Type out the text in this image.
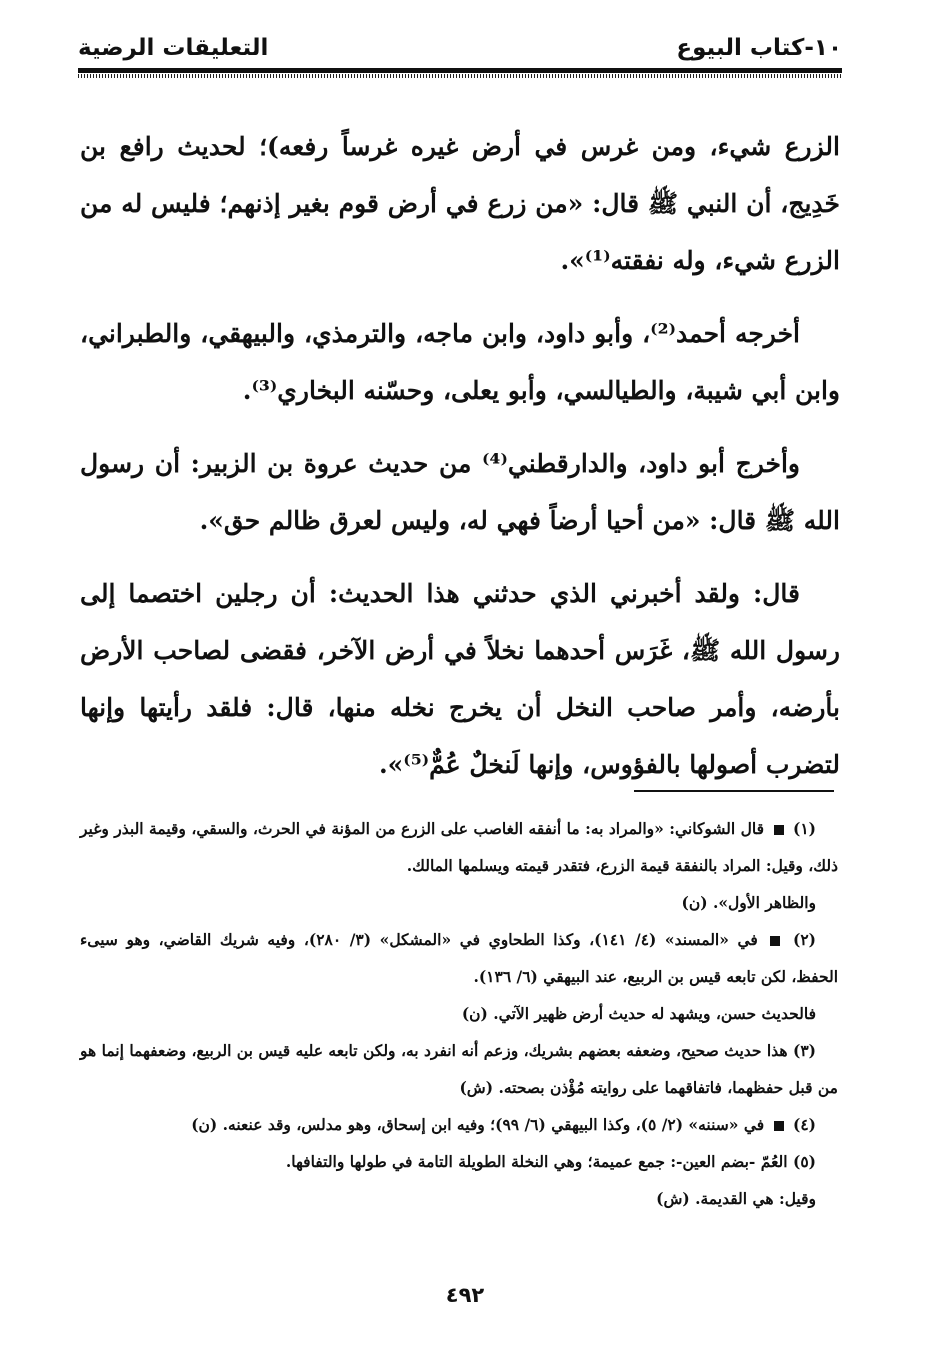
١٠-كتاب البيوع
التعليقات الرضية

الزرع شيء، ومن غرس في أرض غيره غرساً رفعه)؛ لحديث رافع بن خَدِيج، أن النبي ﷺ قال: «من زرع في أرض قوم بغير إذنهم؛ فليس له من الزرع شيء، وله نفقته⁽¹⁾».

أخرجه أحمد⁽²⁾، وأبو داود، وابن ماجه، والترمذي، والبيهقي، والطبراني، وابن أبي شيبة، والطيالسي، وأبو يعلى، وحسّنه البخاري⁽³⁾.

وأخرج أبو داود، والدارقطني⁽⁴⁾ من حديث عروة بن الزبير: أن رسول الله ﷺ قال: «من أحيا أرضاً فهي له، وليس لعرق ظالم حق».

قال: ولقد أخبرني الذي حدثني هذا الحديث: أن رجلين اختصما إلى رسول الله ﷺ، غَرَس أحدهما نخلاً في أرض الآخر، فقضى لصاحب الأرض بأرضه، وأمر صاحب النخل أن يخرج نخله منها، قال: فلقد رأيتها وإنها لتضرب أصولها بالفؤوس، وإنها لَنخلٌ عُمٌّ⁽⁵⁾».

(١)  قال الشوكاني: «والمراد به: ما أنفقه الغاصب على الزرع من المؤنة في الحرث، والسقي، وقيمة البذر وغير ذلك، وقيل: المراد بالنفقة قيمة الزرع، فتقدر قيمته ويسلمها المالك.

والظاهر الأول». (ن)

(٢)  في «المسند» (٤/ ١٤١)، وكذا الطحاوي في «المشكل» (٣/ ٢٨٠)، وفيه شريك القاضي، وهو سيىء الحفظ، لكن تابعه قيس بن الربيع، عند البيهقي (٦/ ١٣٦).

فالحديث حسن، ويشهد له حديث أرض ظهير الآتي. (ن)

(٣) هذا حديث صحيح، وضعفه بعضهم بشريك، وزعم أنه انفرد به، ولكن تابعه عليه قيس بن الربيع، وضعفهما إنما هو من قبل حفظهما، فاتفاقهما على روايته مُؤْذن بصحته. (ش)

(٤)  في «سننه» (٢/ ٥)، وكذا البيهقي (٦/ ٩٩)؛ وفيه ابن إسحاق، وهو مدلس، وقد عنعنه. (ن)

(٥) العُمّ -بضم العين-: جمع عميمة؛ وهي النخلة الطويلة التامة في طولها والتفافها.

وقيل: هي القديمة. (ش)

٤٩٢
